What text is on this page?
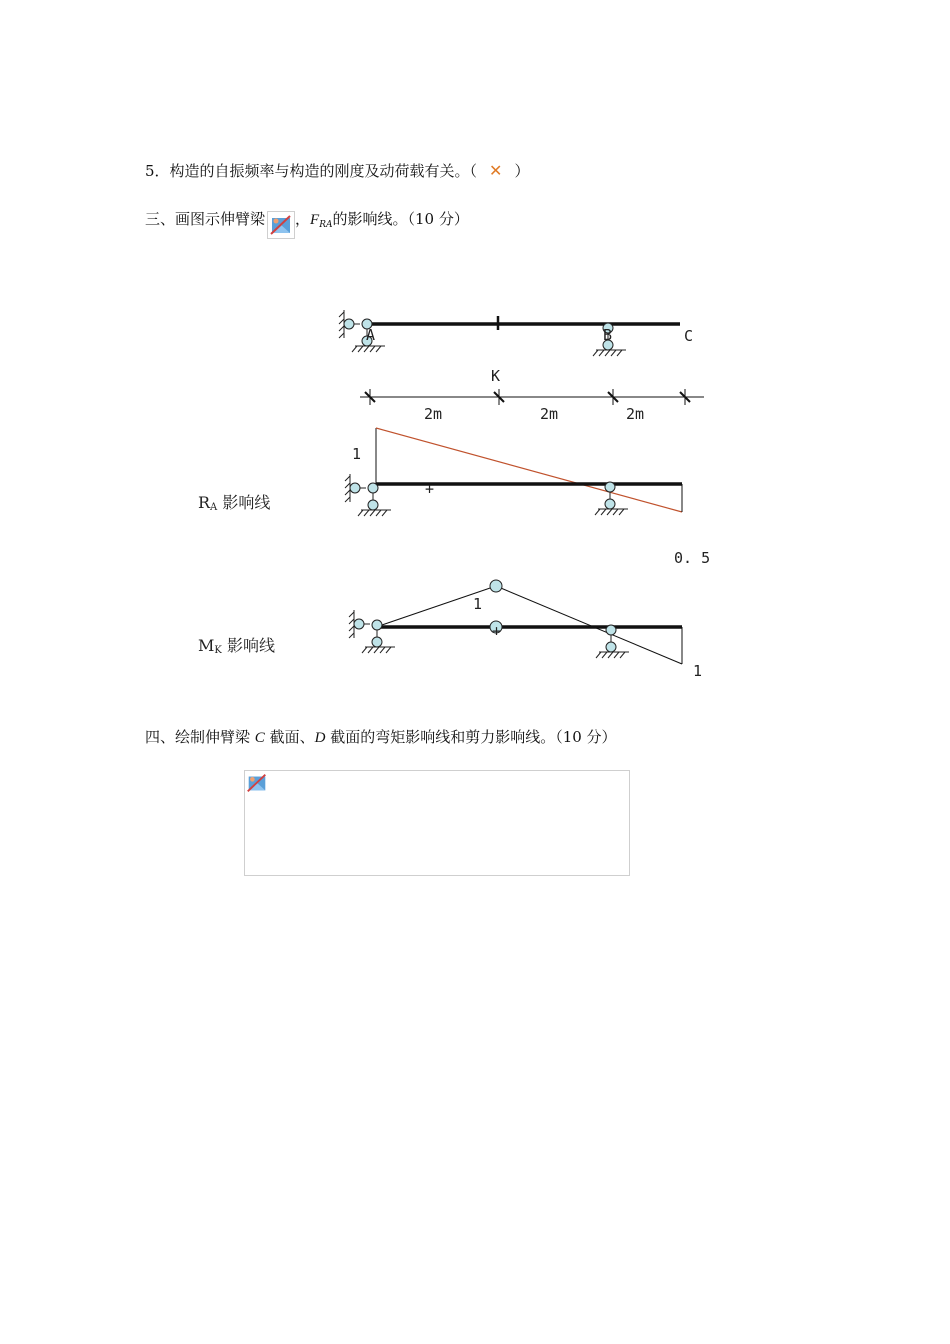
5．构造的自振频率与构造的刚度及动荷载有关。（ ✕ ）
三、画图示伸臂梁 ，$F_{RA}$的影响线。（10 分）
A	B	C
K
2m	2m	2m
1
+
0. 5
RA 影响线
1
+
1
MK 影响线
四、绘制伸臂梁 C 截面、D 截面的弯矩影响线和剪力影响线。（10 分）
